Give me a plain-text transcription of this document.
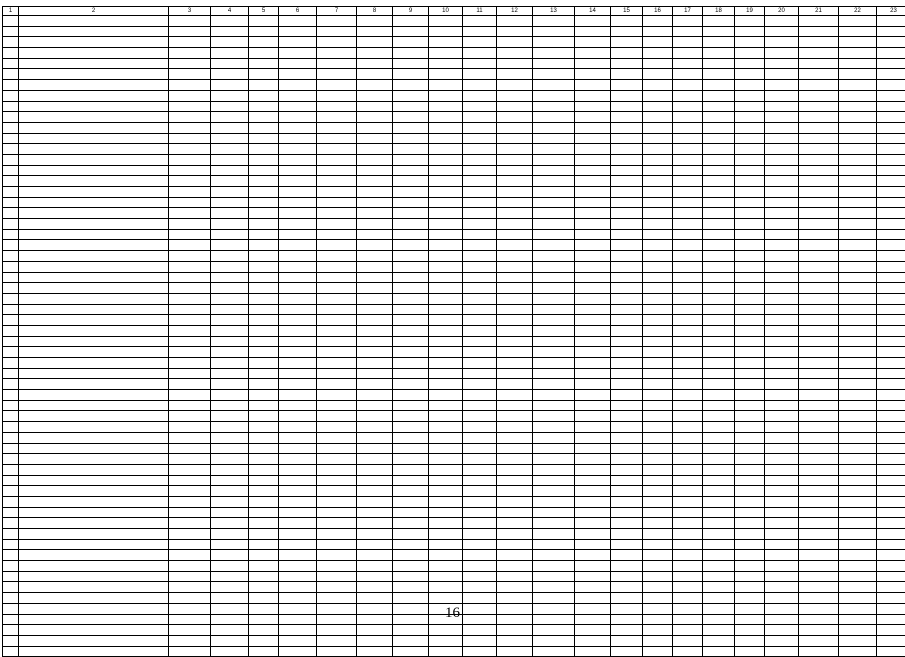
1	2	3	4	5	6	7	8	9	10	11	12	13	14	15	16	17	18	19	20	21	22	23

16
